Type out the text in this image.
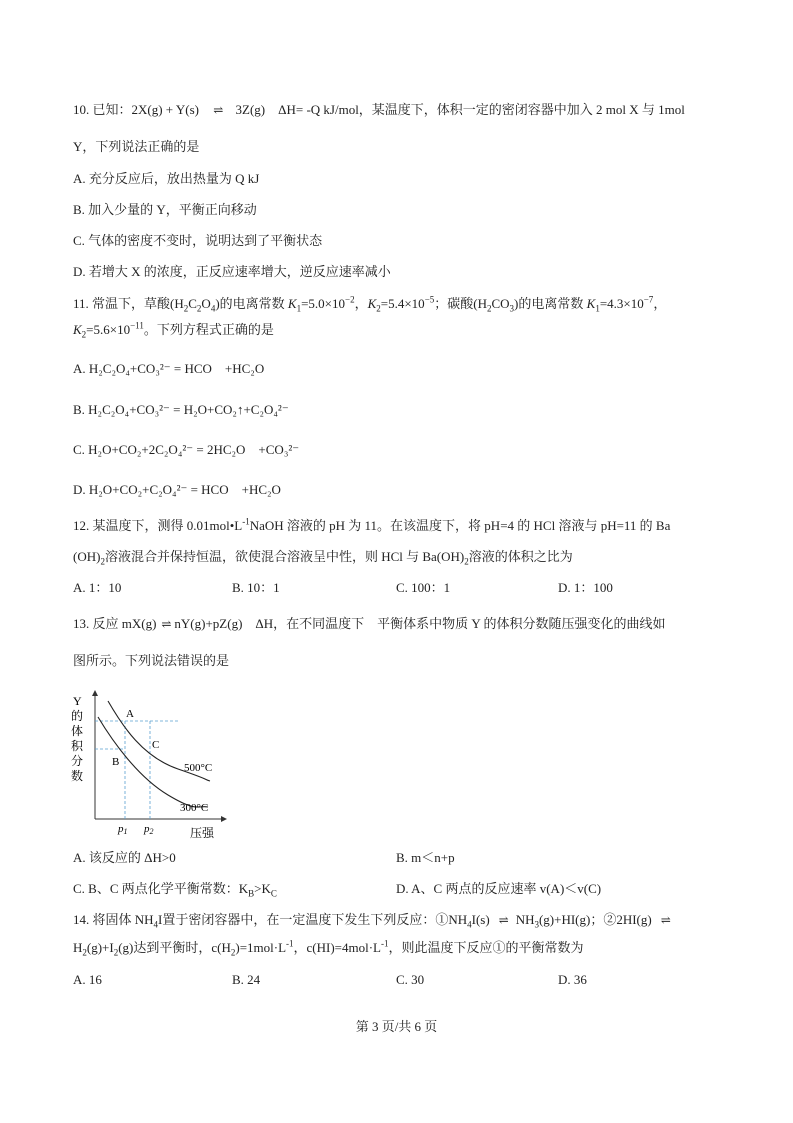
10. 已知：2X(g) + Y(s) ⇌ 3Z(g)　ΔH= -Q kJ/mol，某温度下，体积一定的密闭容器中加入 2 mol X 与 1mol
Y，下列说法正确的是
A. 充分反应后，放出热量为 Q kJ
B. 加入少量的 Y，平衡正向移动
C. 气体的密度不变时，说明达到了平衡状态
D. 若增大 X 的浓度，正反应速率增大，逆反应速率减小
11. 常温下，草酸$(H_2C_2O_4)$的电离常数 $K_1=5.0\times 10^{-2}$，$K_2=5.4\times 10^{-5}$；碳酸$(H_2CO_3)$的电离常数 $K_1=4.3\times 10^{-7}$，
$K_2=5.6\times 10^{-11}$。下列方程式正确的是
A. H₂C₂O₄+CO₃²⁻ = HCO　+HC₂O
B. H₂C₂O₄+CO₃²⁻ = H₂O+CO₂↑+C₂O₄²⁻
C. H₂O+CO₂+2C₂O₄²⁻ = 2HC₂O　+CO₃²⁻
D. H₂O+CO₂+C₂O₄²⁻ = HCO　+HC₂O
12. 某温度下，测得 $0.01mol•L^{-1}NaOH$ 溶液的 pH 为 11。在该温度下，将 pH=4 的 HCl 溶液与 pH=11 的 Ba
$(OH)_2$溶液混合并保持恒温，欲使混合溶液呈中性，则 HCl 与 $Ba(OH)_2$溶液的体积之比为
A. 1：10	B. 10：1	C. 100：1	D. 1：100
13. 反应 mX(g) ⇌ nY(g)+pZ(g)　ΔH，在不同温度下　平衡体系中物质 Y 的体积分数随压强变化的曲线如
图所示。下列说法错误的是
Y
的
体
积
分
数
A
B
C
500°C
300°C
p1 p2	压强
A. 该反应的 ΔH>0	B. m＜n+p
C. B、C 两点化学平衡常数：$K_B>K_C$	D. A、C 两点的反应速率 v(A)＜v(C)
14. 将固体 $NH_4I$置于密闭容器中，在一定温度下发生下列反应：$①NH_4I(s)$ ⇌ $NH_3(g)+HI(g)$；②2HI(g) ⇌
$H_2(g)+I_2(g)$达到平衡时，$c(H_2)=1mol\cdot L^{-1}$，$c(HI)=4mol\cdot L^{-1}$，则此温度下反应①的平衡常数为
A. 16	B. 24	C. 30	D. 36
第 3 页/共 6 页
